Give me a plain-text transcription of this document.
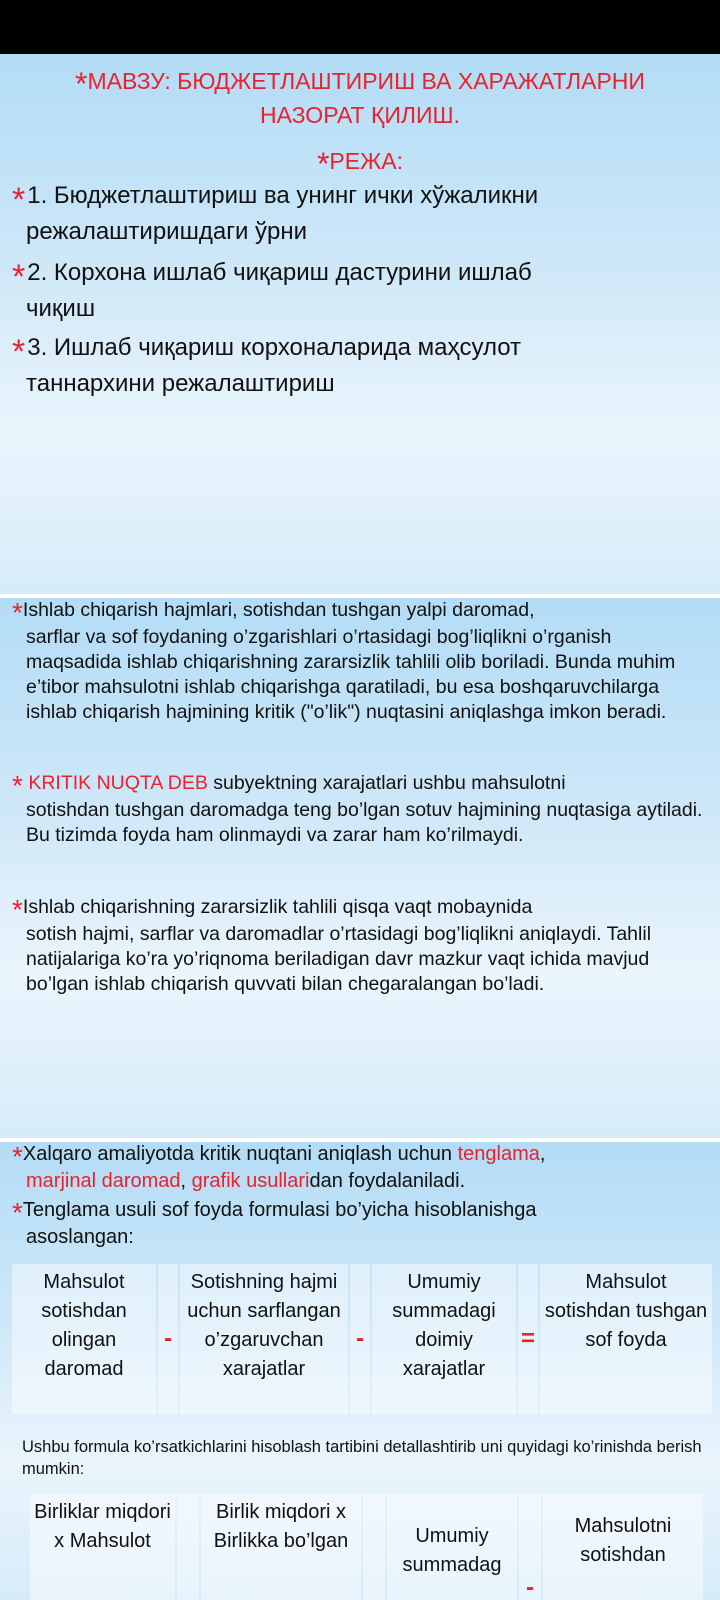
*МАВЗУ: БЮДЖЕТЛАШТИРИШ ВА ХАРАЖАТЛАРНИ НАЗОРАТ ҚИЛИШ.
*РЕЖА:
*1. Бюджетлаштириш ва унинг ички хўжаликни
режалаштиришдаги ўрни
*2. Корхона ишлаб чиқариш дастурини ишлаб
чиқиш
*3. Ишлаб чиқариш корхоналарида маҳсулот
таннархини режалаштириш
*Ishlab chiqarish hajmlari, sotishdan tushgan yalpi daromad,
sarflar va sof foydaning o’zgarishlari o’rtasidagi bog’liqlikni o’rganish maqsadida ishlab chiqarishning zararsizlik tahlili olib boriladi. Bunda muhim e’tibor mahsulotni ishlab chiqarishga qaratiladi, bu esa boshqaruvchilarga ishlab chiqarish hajmining kritik ("o’lik") nuqtasini aniqlashga imkon beradi.
* KRITIK NUQTA DEB subyektning xarajatlari ushbu mahsulotni
sotishdan tushgan daromadga teng bo’lgan sotuv hajmining nuqtasiga aytiladi. Bu tizimda foyda ham olinmaydi va zarar ham ko’rilmaydi.
*Ishlab chiqarishning zararsizlik tahlili qisqa vaqt mobaynida
sotish hajmi, sarflar va daromadlar o’rtasidagi bog’liqlikni aniqlaydi. Tahlil natijalariga ko’ra yo’riqnoma beriladigan davr mazkur vaqt ichida mavjud bo’lgan ishlab chiqarish quvvati bilan chegaralangan bo’ladi.
*Xalqaro amaliyotda kritik nuqtani aniqlash uchun tenglama,
marjinal daromad, grafik usullaridan foydalaniladi.
*Tenglama usuli sof foyda formulasi bo’yicha hisoblanishga
asoslangan:
Mahsulot sotishdan olingan daromad
-
Sotishning hajmi uchun sarflangan o’zgaruvchan xarajatlar
-
Umumiy summadagi doimiy xarajatlar
=
Mahsulot sotishdan tushgan sof foyda
Ushbu formula ko’rsatkichlarini hisoblash tartibini detallashtirib uni quyidagi ko’rinishda berish mumkin:
Birliklar miqdori x Mahsulot
Birlik miqdori x Birlikka bo’lgan	Umumiy summadag
-
Mahsulotni sotishdan
